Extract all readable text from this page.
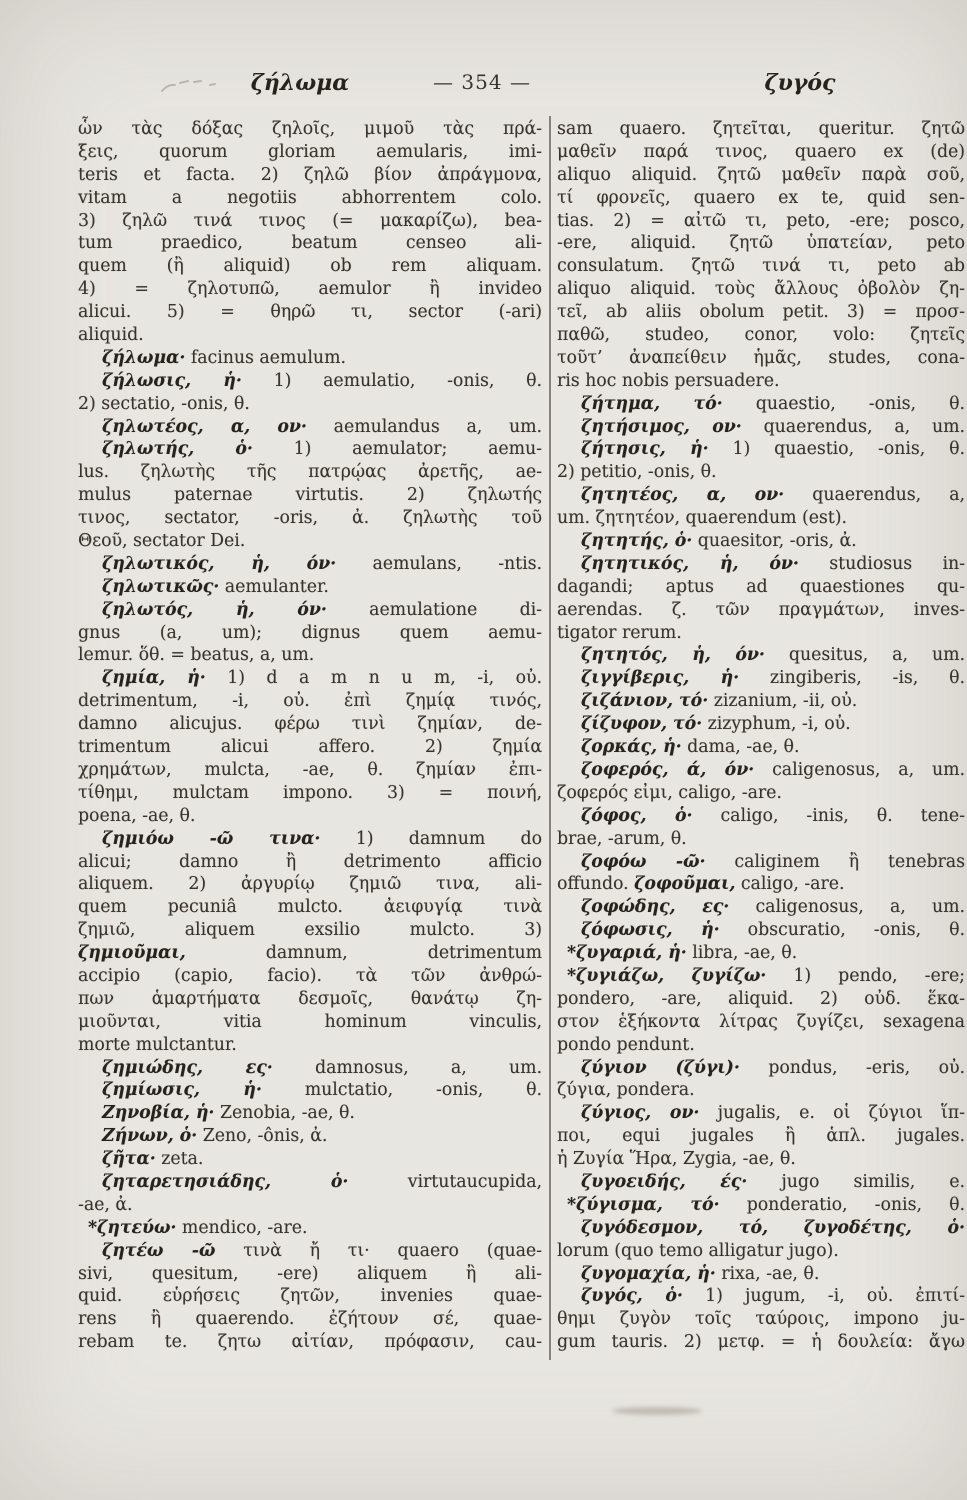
ζήλωμα	— 354 —	ζυγός
ὧν τὰς δόξας ζηλοῖς, μιμοῦ τὰς πρά-
ξεις, quorum gloriam aemularis, imi-
teris et facta. 2) ζηλῶ βίον ἀπράγμονα,
vitam a negotiis abhorrentem colo.
3) ζηλῶ τινά τινος (= μακαρίζω), bea-
tum praedico, beatum censeo ali-
quem (ἢ aliquid) ob rem aliquam.
4) = ζηλοτυπῶ, aemulor ἢ invideo
alicui. 5) = θηρῶ τι, sector (-ari)
aliquid.
ζήλωμα· facinus aemulum.
ζήλωσις, ἡ· 1) aemulatio, -onis, θ.
2) sectatio, -onis, θ.
ζηλωτέος, α, ον· aemulandus a, um.
ζηλωτής, ὁ· 1) aemulator; aemu-
lus. ζηλωτὴς τῆς πατρῴας ἀρετῆς, ae-
mulus paternae virtutis. 2) ζηλωτής
τινος, sectator, -oris, ἀ. ζηλωτὴς τοῦ
Θεοῦ, sectator Dei.
ζηλωτικός, ἡ, όν· aemulans, -ntis.
ζηλωτικῶς· aemulanter.
ζηλωτός, ἡ, όν· aemulatione di-
gnus (a, um); dignus quem aemu-
lemur. ὅθ. = beatus, a, um.
ζημία, ἡ· 1) d a m n u m, -i, οὐ.
detrimentum, -i, οὐ. ἐπὶ ζημίᾳ τινός,
damno alicujus. φέρω τινὶ ζημίαν, de-
trimentum alicui affero. 2) ζημία
χρημάτων, mulcta, -ae, θ. ζημίαν ἐπι-
τίθημι, mulctam impono. 3) = ποινή,
poena, -ae, θ.
ζημιόω -ῶ τινα· 1) damnum do
alicui; damno ἢ detrimento afficio
aliquem. 2) ἀργυρίῳ ζημιῶ τινα, ali-
quem pecuniâ mulcto. ἀειφυγίᾳ τινὰ
ζημιῶ, aliquem exsilio mulcto. 3)
ζημιοῦμαι, damnum, detrimentum
accipio (capio, facio). τὰ τῶν ἀνθρώ-
πων ἁμαρτήματα δεσμοῖς, θανάτῳ ζη-
μιοῦνται, vitia hominum vinculis,
morte mulctantur.
ζημιώδης, ες· damnosus, a, um.
ζημίωσις, ἡ· mulctatio, -onis, θ.
Ζηνοβία, ἡ· Zenobia, -ae, θ.
Ζήνων, ὁ· Zeno, -ônis, ἀ.
ζῆτα· zeta.
ζηταρετησιάδης, ὁ· virtutaucupida,
-ae, ἀ.
*ζητεύω· mendico, -are.
ζητέω -ῶ τινὰ ἤ τι· quaero (quae-
sivi, quesitum, -ere) aliquem ἢ ali-
quid. εὑρήσεις ζητῶν, invenies quae-
rens ἢ quaerendo. ἐζήτουν σέ, quae-
rebam te. ζητω αἰτίαν, πρόφασιν, cau-
sam quaero. ζητεῖται, queritur. ζητῶ
μαθεῖν παρά τινος, quaero ex (de)
aliquo aliquid. ζητῶ μαθεῖν παρὰ σοῦ,
τί φρονεῖς, quaero ex te, quid sen-
tias. 2) = αἰτῶ τι, peto, -ere; posco,
-ere, aliquid. ζητῶ ὑπατείαν, peto
consulatum. ζητῶ τινά τι, peto ab
aliquo aliquid. τοὺς ἄλλους ὀβολὸν ζη-
τεῖ, ab aliis obolum petit. 3) = προσ-
παθῶ, studeo, conor, volo: ζητεῖς
τοῦτ’ ἀναπείθειν ἡμᾶς, studes, cona-
ris hoc nobis persuadere.
ζήτημα, τό· quaestio, -onis, θ.
ζητήσιμος, ον· quaerendus, a, um.
ζήτησις, ἡ· 1) quaestio, -onis, θ.
2) petitio, -onis, θ.
ζητητέος, α, ον· quaerendus, a,
um. ζητητέον, quaerendum (est).
ζητητής, ὁ· quaesitor, -oris, ἀ.
ζητητικός, ἡ, όν· studiosus in-
dagandi; aptus ad quaestiones qu-
aerendas. ζ. τῶν πραγμάτων, inves-
tigator rerum.
ζητητός, ἡ, όν· quesitus, a, um.
ζιγγίβερις, ἡ· zingiberis, -is, θ.
ζιζάνιον, τό· zizanium, -ii, οὐ.
ζίζυφον, τό· zizyphum, -i, οὐ.
ζορκάς, ἡ· dama, -ae, θ.
ζοφερός, ά, όν· caligenosus, a, um.
ζοφερός εἰμι, caligo, -are.
ζόφος, ὁ· caligo, -inis, θ. tene-
brae, -arum, θ.
ζοφόω -ῶ· caliginem ἢ tenebras
offundo. ζοφοῦμαι, caligo, -are.
ζοφώδης, ες· caligenosus, a, um.
ζόφωσις, ἡ· obscuratio, -onis, θ.
*ζυγαριά, ἡ· libra, -ae, θ.
*ζυγιάζω, ζυγίζω· 1) pendo, -ere;
pondero, -are, aliquid. 2) οὐδ. ἕκα-
στον ἑξήκοντα λίτρας ζυγίζει, sexagena
pondo pendunt.
ζύγιον (ζύγι)· pondus, -eris, οὐ.
ζύγια, pondera.
ζύγιος, ον· jugalis, e. οἱ ζύγιοι ἵπ-
ποι, equi jugales ἢ ἁπλ. jugales.
ἡ Ζυγία Ἥρα, Zygia, -ae, θ.
ζυγοειδής, ές· jugo similis, e.
*ζύγισμα, τό· ponderatio, -onis, θ.
ζυγόδεσμον, τό, ζυγοδέτης, ὁ·
lorum (quo temo alligatur jugo).
ζυγομαχία, ἡ· rixa, -ae, θ.
ζυγός, ὁ· 1) jugum, -i, οὐ. ἐπιτί-
θημι ζυγὸν τοῖς ταύροις, impono ju-
gum tauris. 2) μετφ. = ἡ δουλεία: ἄγω
